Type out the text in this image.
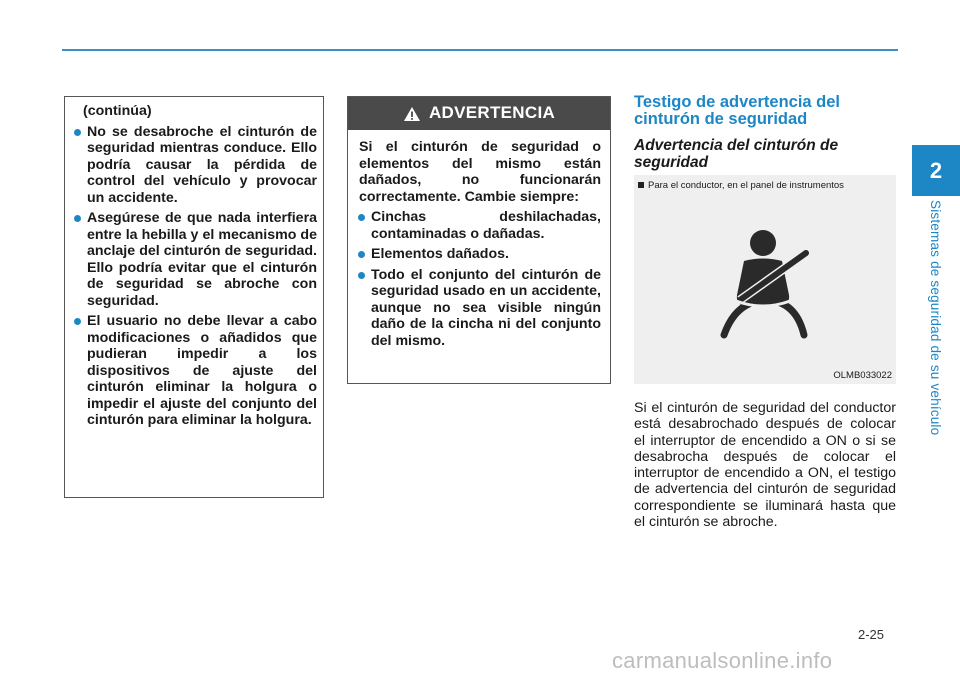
2
Sistemas de seguridad de su vehículo
(continúa)
No se desabroche el cinturón de seguridad mientras conduce. Ello podría causar la pérdida de control del vehículo y provocar un accidente.
Asegúrese de que nada interfiera entre la hebilla y el mecanismo de anclaje del cinturón de seguridad. Ello podría evitar que el cinturón de seguridad se abroche con seguridad.
El usuario no debe llevar a cabo modificaciones o añadidos que pudieran impedir a los dispositivos de ajuste del cinturón eliminar la holgura o impedir el ajuste del conjunto del cinturón para eliminar la holgura.
ADVERTENCIA
Si el cinturón de seguridad o elementos del mismo están dañados, no funcionarán correctamente. Cambie siempre:
Cinchas deshilachadas, contaminadas o dañadas.
Elementos dañados.
Todo el conjunto del cinturón de seguridad usado en un accidente, aunque no sea visible ningún daño de la cincha ni del conjunto del mismo.
Testigo de advertencia del cinturón de seguridad
Advertencia del cinturón de seguridad
Para el conductor, en el panel de instrumentos
OLMB033022
Si el cinturón de seguridad del conductor está desabrochado después de colocar el interruptor de encendido a ON o si se desabrocha después de colocar el interruptor de encendido a ON, el testigo de advertencia del cinturón de seguridad correspondiente se iluminará hasta que el cinturón se abroche.
2-25
carmanualsonline.info
